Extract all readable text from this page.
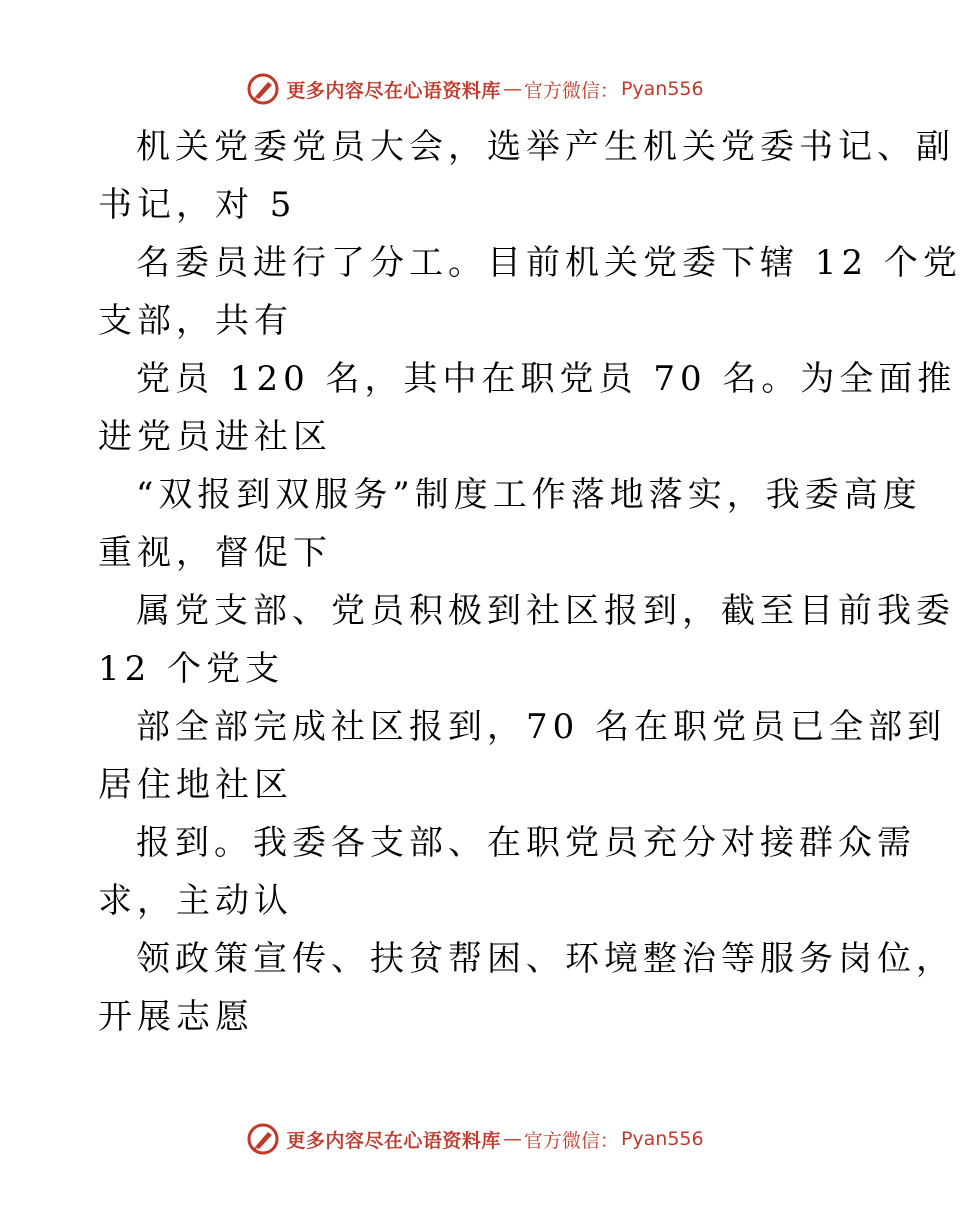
更多内容尽在心语资料库 — 官方微信： Pyan556
机关党委党员大会，选举产生机关党委书记、副
书记，对 5
名委员进行了分工。目前机关党委下辖 12 个党
支部，共有
党员 120 名，其中在职党员 70 名。为全面推
进党员进社区
“双报到双服务”制度工作落地落实，我委高度
重视，督促下
属党支部、党员积极到社区报到，截至目前我委
12 个党支
部全部完成社区报到，70 名在职党员已全部到
居住地社区
报到。我委各支部、在职党员充分对接群众需
求，主动认
领政策宣传、扶贫帮困、环境整治等服务岗位，
开展志愿
更多内容尽在心语资料库 — 官方微信： Pyan556
